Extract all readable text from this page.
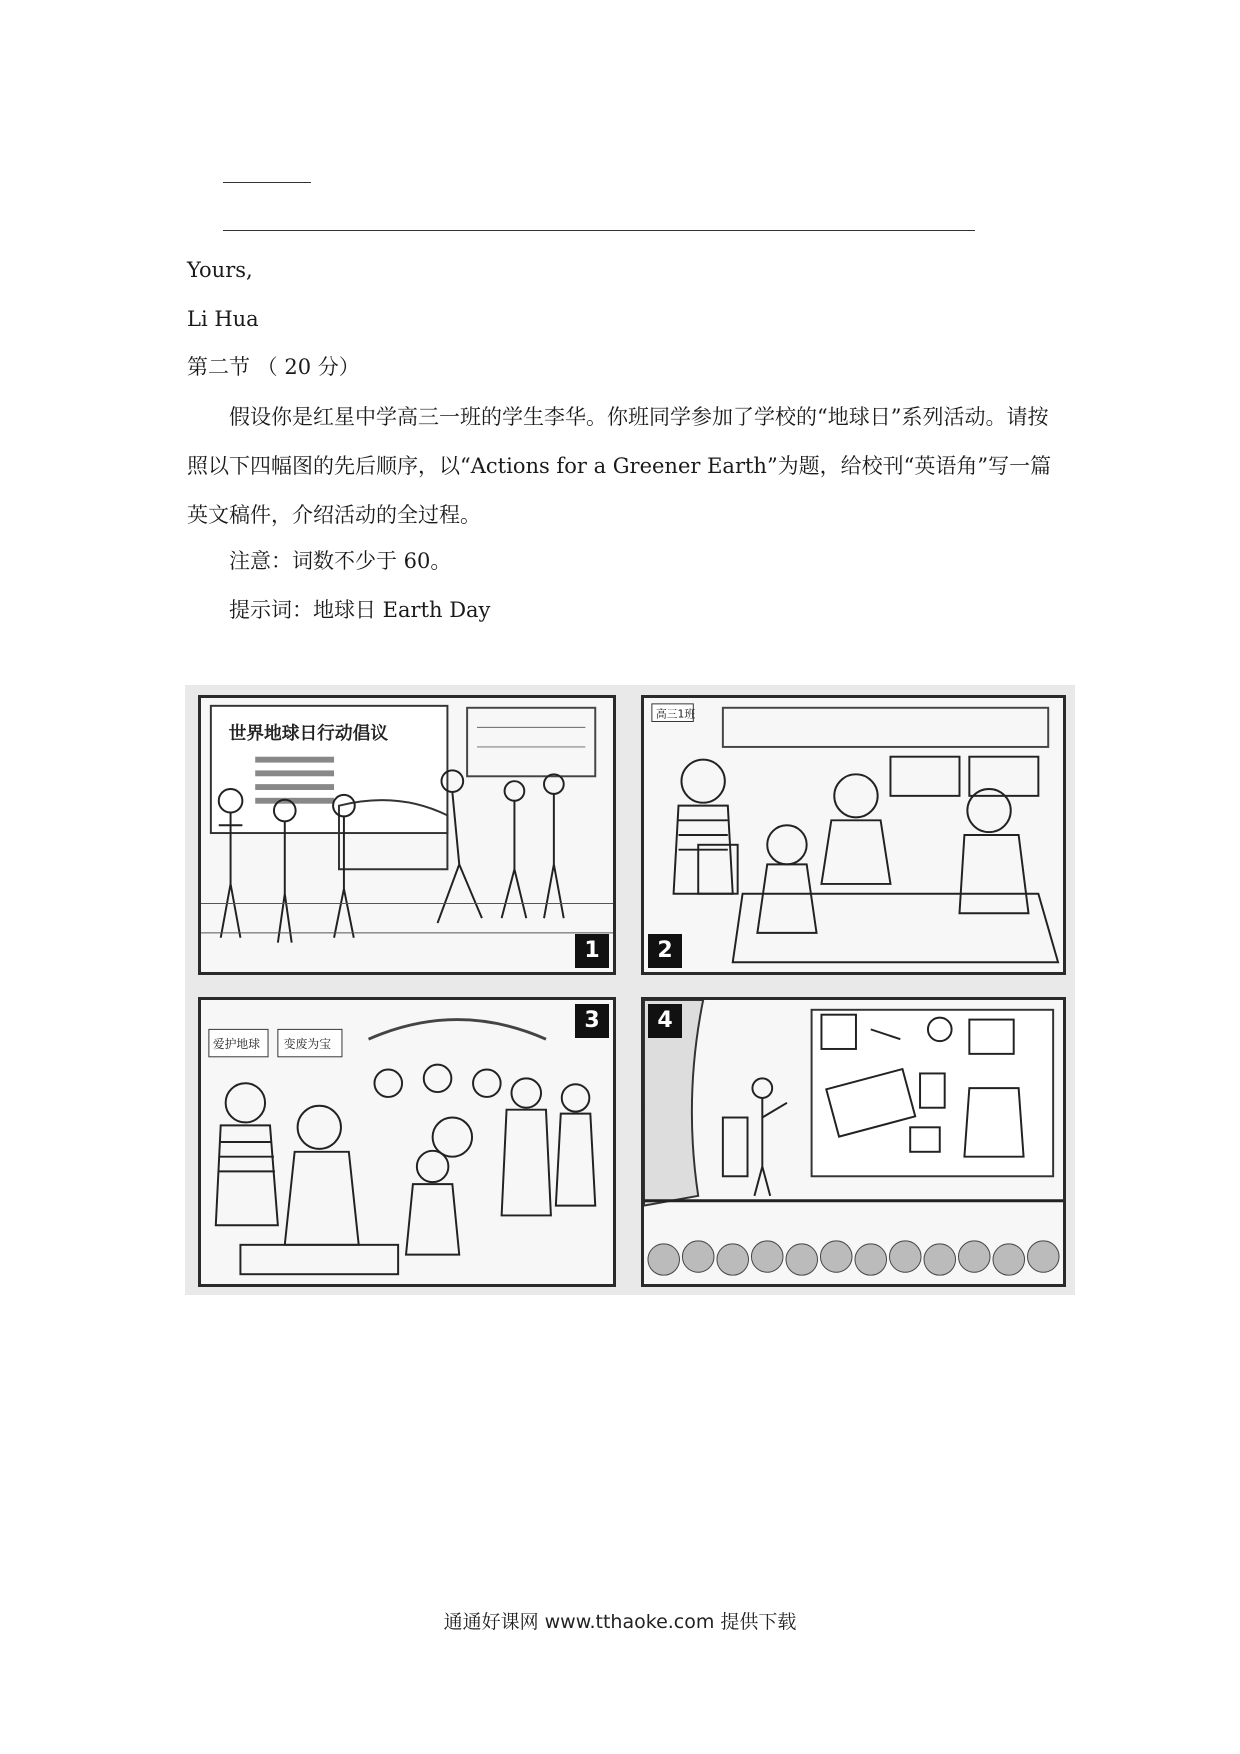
Yours,
Li Hua
第二节 （ 20 分）
假设你是红星中学高三一班的学生李华。你班同学参加了学校的“地球日”系列活动。请按照以下四幅图的先后顺序，以“Actions for a Greener Earth”为题，给校刊“英语角”写一篇英文稿件，介绍活动的全过程。
注意：词数不少于 60。
提示词：地球日 Earth Day
世界地球日行动倡议
1
高三1班
2
爱护地球 变废为宝
3	4
通通好课网 www.tthaoke.com 提供下载
